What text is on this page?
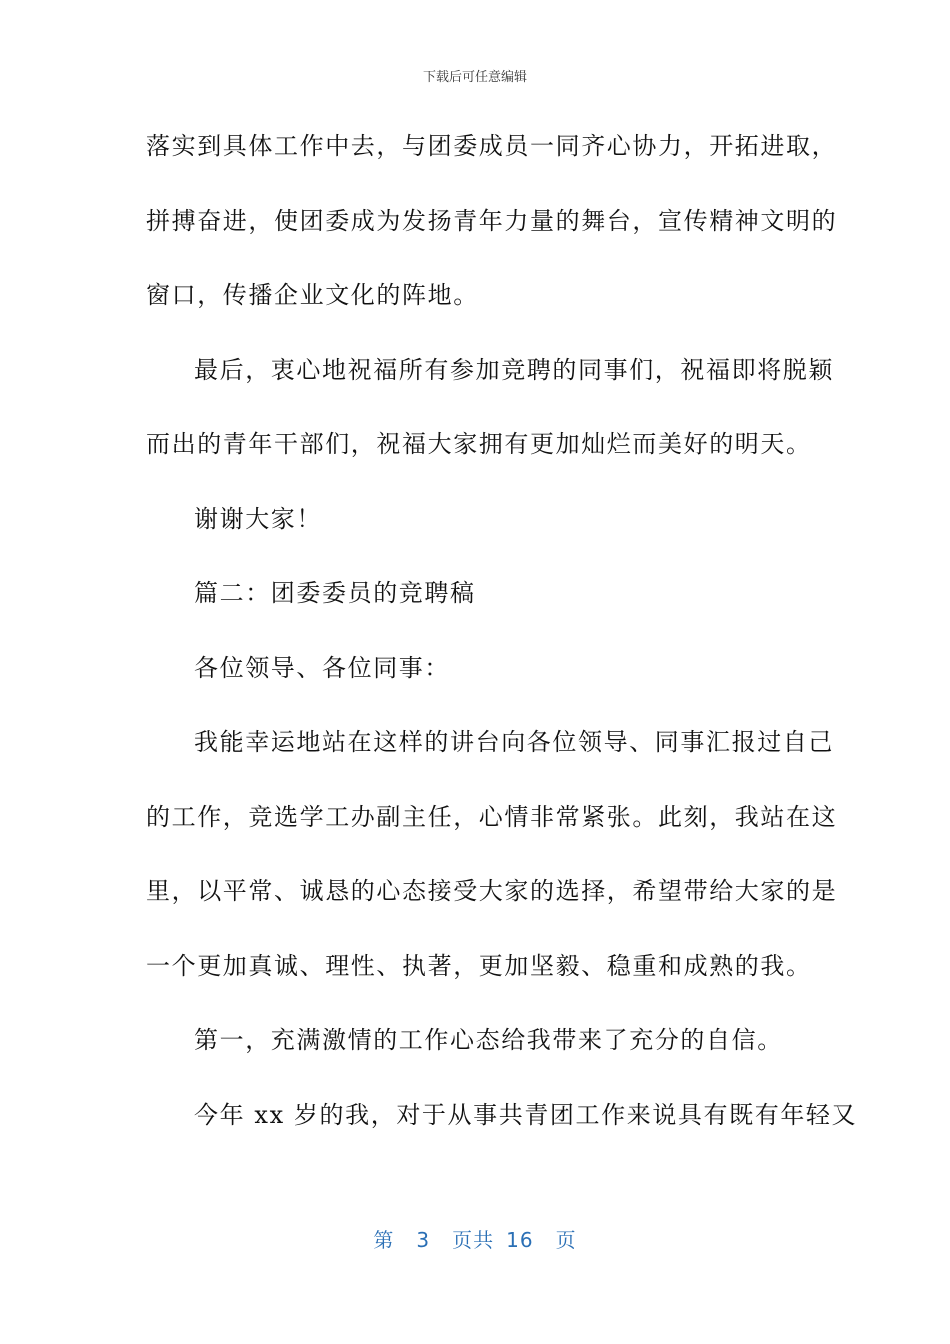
下载后可任意编辑
落实到具体工作中去，与团委成员一同齐心协力，开拓进取，
拼搏奋进，使团委成为发扬青年力量的舞台，宣传精神文明的
窗口，传播企业文化的阵地。
最后，衷心地祝福所有参加竞聘的同事们，祝福即将脱颖
而出的青年干部们，祝福大家拥有更加灿烂而美好的明天。
谢谢大家！
篇二：团委委员的竞聘稿
各位领导、各位同事：
我能幸运地站在这样的讲台向各位领导、同事汇报过自己
的工作，竞选学工办副主任，心情非常紧张。此刻，我站在这
里，以平常、诚恳的心态接受大家的选择，希望带给大家的是
一个更加真诚、理性、执著，更加坚毅、稳重和成熟的我。
第一，充满激情的工作心态给我带来了充分的自信。
今年 xx 岁的我，对于从事共青团工作来说具有既有年轻又
第 3 页共 16 页
